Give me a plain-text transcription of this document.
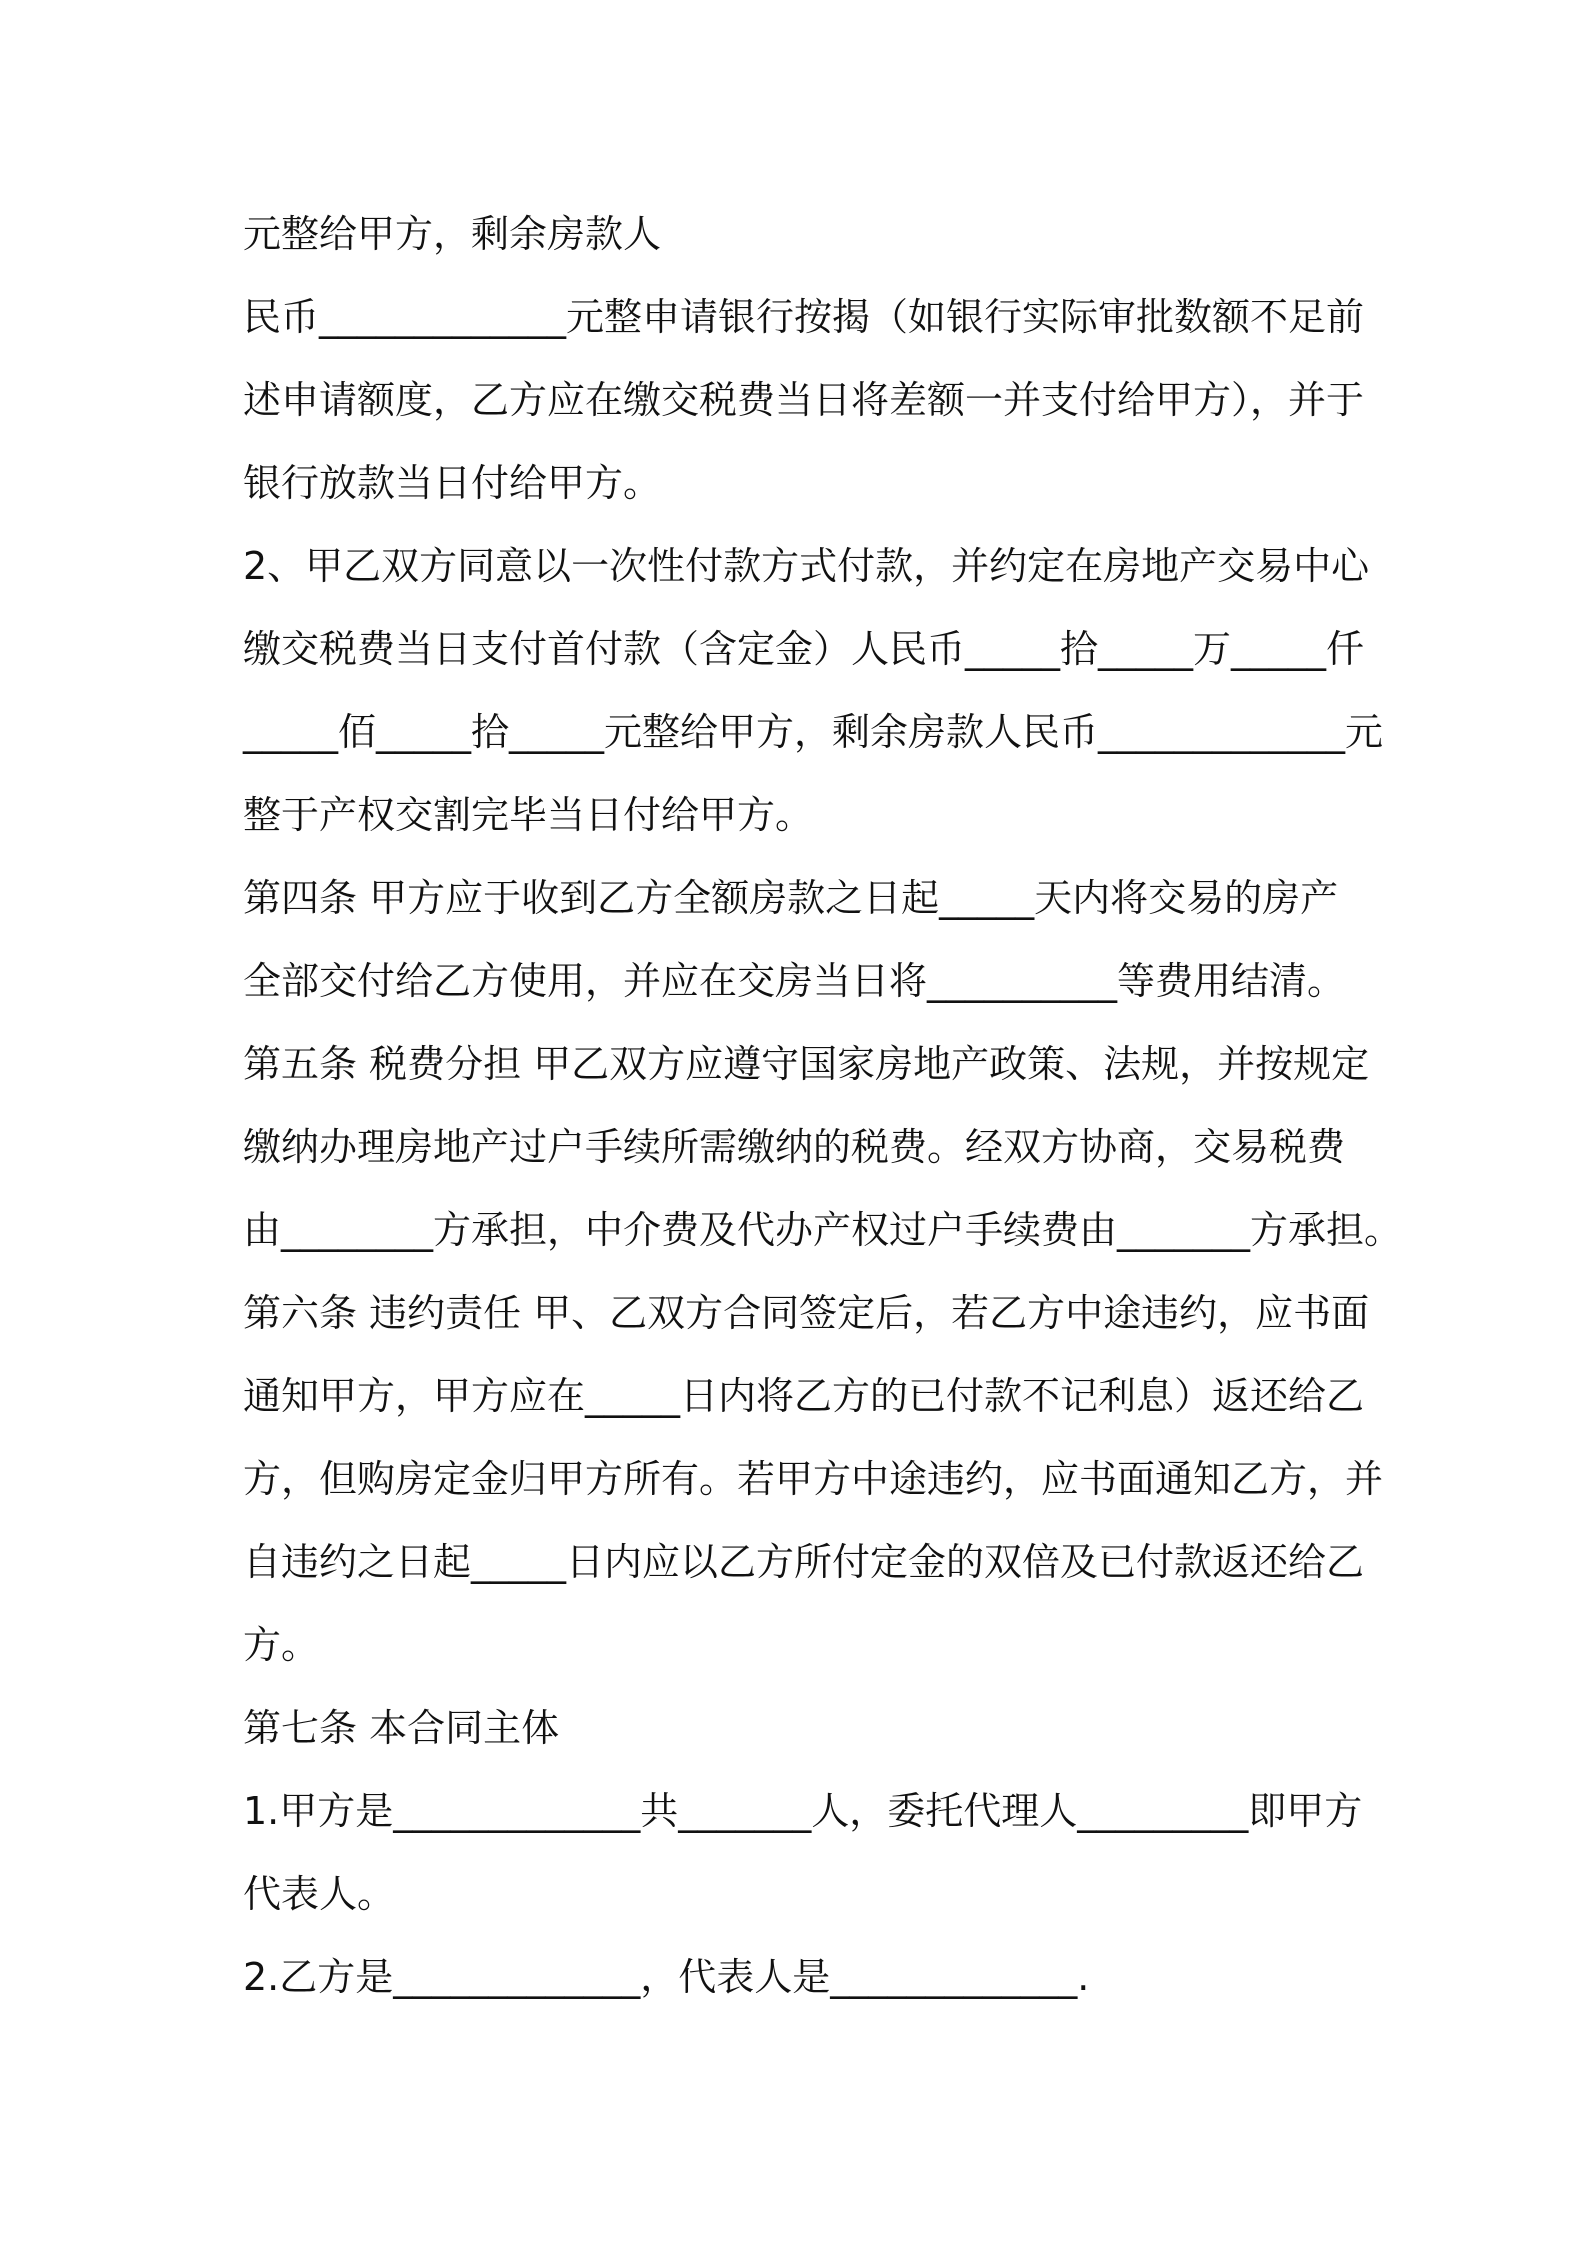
元整给甲方，剩余房款人

民币_____________元整申请银行按揭（如银行实际审批数额不足前

述申请额度，乙方应在缴交税费当日将差额一并支付给甲方），并于

银行放款当日付给甲方。

2、甲乙双方同意以一次性付款方式付款，并约定在房地产交易中心

缴交税费当日支付首付款（含定金）人民币_____拾_____万_____仟

_____佰_____拾_____元整给甲方，剩余房款人民币_____________元

整于产权交割完毕当日付给甲方。

第四条 甲方应于收到乙方全额房款之日起_____天内将交易的房产

全部交付给乙方使用，并应在交房当日将__________等费用结清。

第五条 税费分担 甲乙双方应遵守国家房地产政策、法规，并按规定

缴纳办理房地产过户手续所需缴纳的税费。经双方协商，交易税费

由________方承担，中介费及代办产权过户手续费由_______方承担。

第六条 违约责任 甲、乙双方合同签定后，若乙方中途违约，应书面

通知甲方，甲方应在_____日内将乙方的已付款不记利息）返还给乙

方，但购房定金归甲方所有。若甲方中途违约，应书面通知乙方，并

自违约之日起_____日内应以乙方所付定金的双倍及已付款返还给乙

方。

第七条 本合同主体

1.甲方是_____________共_______人，委托代理人_________即甲方

代表人。

2.乙方是_____________，代表人是_____________.
